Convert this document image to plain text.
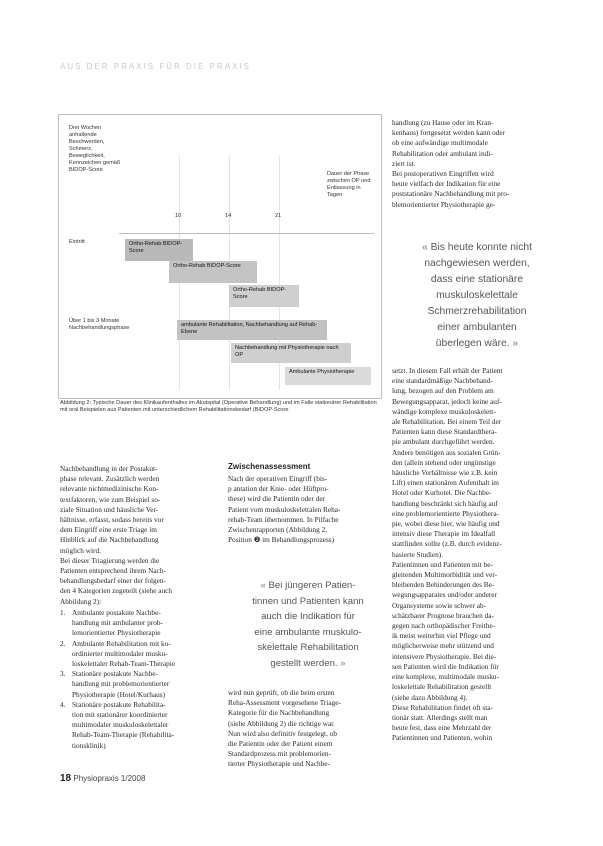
AUS DER PRAXIS FÜR DIE PRAXIS
Drei Wochen anhaltende Beschwerden, Schmerz, Beweglichkeit, Kennzeichen gemäß BIDOP-Score
Dauer der Phase zwischen OP und Entlassung in Tagen
10	14	21
Eintritt
Über 1 bis 3 Monate Nachbehandlungsphase
Ortho-Rehab BIDOP-Score
Ortho-Rehab BIDOP-Score
Ortho-Rehab BIDOP-Score
ambulante Rehabilitation, Nachbehandlung auf Rehab-Ebene
Nachbehandlung mit Physiotherapie nach OP
Ambulante Physiotherapie
Abbildung 2: Typische Dauer des Klinikaufenthaltes im Akutspital (Operative Behandlung) und im Falle stationärer Rehabilitation mit oral Beispielen aus Patienten mit unterschiedlichem Rehabilitationsbedarf (BIDOP-Score
handlung (zu Hause oder im Kran-
kenhaus) fortgesetzt werden kann oder
ob eine aufwändige multimodale
Rehabilitation oder ambulant indi-
ziert ist.
Bei postoperativen Eingriffen wird
heute vielfach der Indikation für eine
poststationäre Nachbehandlung mit pro-
blemorientierter Physiotherapie ge-
« Bis heute konnte nicht
nachgewiesen werden,
dass eine stationäre
muskuloskelettale
Schmerzrehabilitation
einer ambulanten
überlegen wäre. »
setzt. In diesem Fall erhält der Patient
eine standardmäßige Nachbehand-
lung, bezogen auf den Problem am
Bewegungsapparat, jedoch keine auf-
wändige komplexe muskuloskelett-
ale Rehabilitation. Bei einem Teil der
Patienten kann diese Standardthera-
pie ambulant durchgeführt werden.
Andere benötigen aus sozialen Grün-
den (allein stehend oder ungünstige
häusliche Verhältnisse wie z.B. kein
Lift) einen stationären Aufenthalt im
Hotel oder Kurhotel. Die Nachbe-
handlung beschränkt sich häufig auf
eine problemorientierte Physiothera-
pie, wobei diese hier, wie häufig und
intensiv diese Therapie im Idealfall
stattfinden sollte (z.B. durch evidenz-
basierte Studien).
Patientinnen und Patienten mit be-
gleitenden Multimorbidität und ver-
bleibenden Behinderungen des Be-
wegungsapparates und/oder anderer
Organsysteme sowie schwer ab-
schätzbarer Prognose brauchen da-
gegen nach orthopädischer Freithe-
ik meist weiterhin viel Pflege und
möglicherweise mehr stützend und
intensivere Physiotherapie. Bei die-
sen Patienten wird die Indikation für
eine komplexe, multimodale musku-
loskelettale Rehabilitation gestellt
(siehe dazu Abbildung 4).
Diese Rehabilitation findet oft sta-
tionär statt. Allerdings stellt man
heute fest, dass eine Mehrzahl der
Patientinnen und Patienten, wohin
Nachbehandlung in der Postakut-
phase relevant. Zusätzlich werden
relevante nichtmedizinische Kon-
textfaktoren, wie zum Beispiel so-
ziale Situation und häusliche Ver-
hältnisse, erfasst, sodass bereits vor
dem Eingriff eine erste Triage im
Hinblick auf die Nachbehandlung
möglich wird.
Bei dieser Triagierung werden die
Patienten entsprechend ihrem Nach-
behandlungsbedarf einer der folgen-
den 4 Kategorien zugeteilt (siehe auch
Abbildung 2):
1. Ambulante postakute Nachbe-
handlung mit ambulanter prob-
lemorientierter Physiotherapie
2. Ambulante Rehabilitation mit ko-
ordinierter multimodaler musku-
loskelettaler Rehab-Team-Therapie
3. Stationäre postakute Nachbe-
handlung mit problemorientierter
Physiotherapie (Hotel/Kurhaus)
4. Stationäre postakute Rehabilita-
tion mit stationärer koordinierter
multimodaler muskuloskelettaler
Rehab-Team-Therapie (Rehabilita-
tionsklinik)
Zwischenassessment
Nach der operativen Eingriff (bis-
p antation der Knie- oder Hüftpro-
these) wird die Patientin oder der
Patient vom muskuloskelettalen Reha-
rehab-Team übernommen. In Pilfache
Zwischenrapporten (Abbildung 2,
Position ❷ im Behandlungsprozess)
« Bei jüngeren Patien-
tinnen und Patienten kann
auch die Indikation für
eine ambulante muskulo-
skelettale Rehabilitation
gestellt werden. »
wird nun geprüft, ob die beim ersten
Reha-Assessment vorgesehene Triage-
Kategorie für die Nachbehandlung
(siehe Abbildung 2) die richtige war.
Nun wird also definitiv festgelegt, ob
die Patientin oder der Patient einem
Standardprozess mit problemorien-
tierter Physiotherapie und Nachbe-
18 Physiopraxis 1/2008
